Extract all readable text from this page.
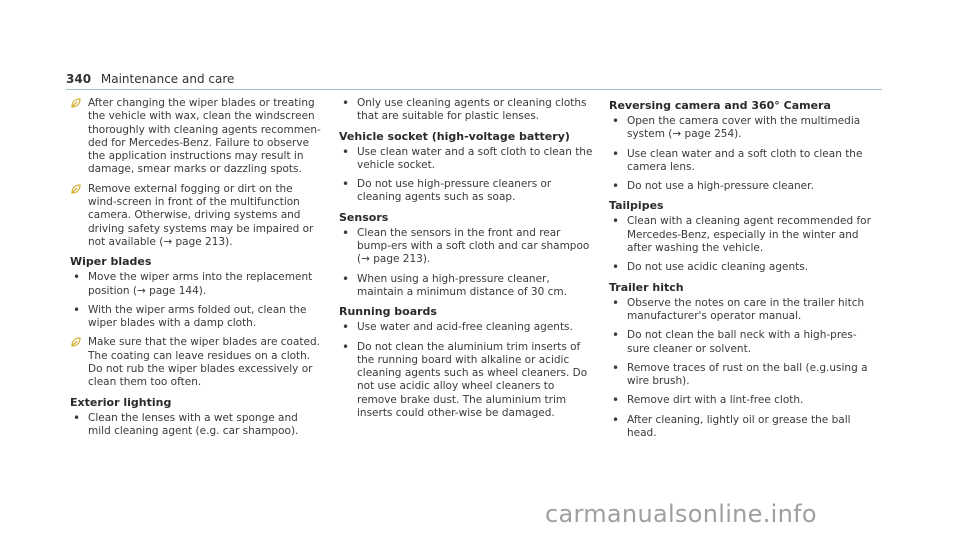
340 Maintenance and care
After changing the wiper blades or treating the vehicle with wax, clean the windscreen thoroughly with cleaning agents recommen-ded for Mercedes-Benz. Failure to observe the application instructions may result in damage, smear marks or dazzling spots.
Remove external fogging or dirt on the wind-screen in front of the multifunction camera. Otherwise, driving systems and driving safety systems may be impaired or not available (→ page 213).
Wiper blades
• Move the wiper arms into the replacement position (→ page 144).
• With the wiper arms folded out, clean the wiper blades with a damp cloth.
Make sure that the wiper blades are coated. The coating can leave residues on a cloth. Do not rub the wiper blades excessively or clean them too often.
Exterior lighting
• Clean the lenses with a wet sponge and mild cleaning agent (e.g. car shampoo).
• Only use cleaning agents or cleaning cloths that are suitable for plastic lenses.
Vehicle socket (high-voltage battery)
• Use clean water and a soft cloth to clean the vehicle socket.
• Do not use high-pressure cleaners or cleaning agents such as soap.
Sensors
• Clean the sensors in the front and rear bump-ers with a soft cloth and car shampoo (→ page 213).
• When using a high-pressure cleaner, maintain a minimum distance of 30 cm.
Running boards
• Use water and acid-free cleaning agents.
• Do not clean the aluminium trim inserts of the running board with alkaline or acidic cleaning agents such as wheel cleaners. Do not use acidic alloy wheel cleaners to remove brake dust. The aluminium trim inserts could other-wise be damaged.
Reversing camera and 360° Camera
• Open the camera cover with the multimedia system (→ page 254).
• Use clean water and a soft cloth to clean the camera lens.
• Do not use a high-pressure cleaner.
Tailpipes
• Clean with a cleaning agent recommended for Mercedes-Benz, especially in the winter and after washing the vehicle.
• Do not use acidic cleaning agents.
Trailer hitch
• Observe the notes on care in the trailer hitch manufacturer's operator manual.
• Do not clean the ball neck with a high-pres-sure cleaner or solvent.
• Remove traces of rust on the ball (e.g.using a wire brush).
• Remove dirt with a lint-free cloth.
• After cleaning, lightly oil or grease the ball head.
carmanualsonline.info
